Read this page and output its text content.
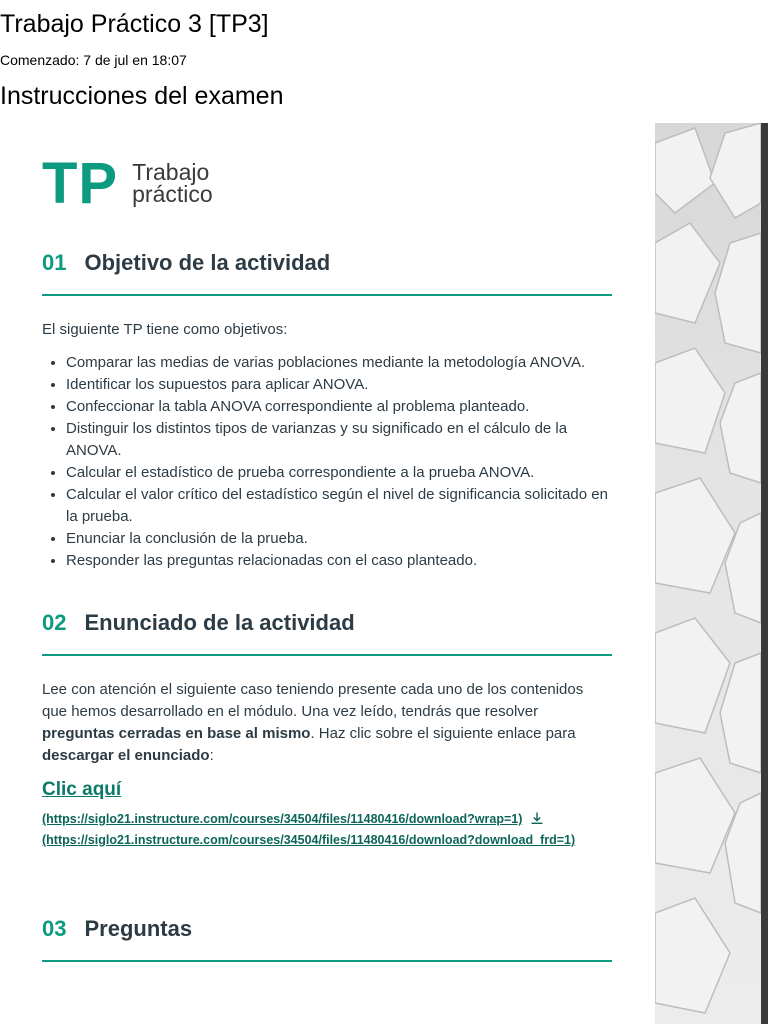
Trabajo Práctico 3 [TP3]
Comenzado: 7 de jul en 18:07
Instrucciones del examen
TP Trabajo
práctico
01 Objetivo de la actividad
El siguiente TP tiene como objetivos:
• Comparar las medias de varias poblaciones mediante la metodología ANOVA.
• Identificar los supuestos para aplicar ANOVA.
• Confeccionar la tabla ANOVA correspondiente al problema planteado.
• Distinguir los distintos tipos de varianzas y su significado en el cálculo de la ANOVA.
• Calcular el estadístico de prueba correspondiente a la prueba ANOVA.
• Calcular el valor crítico del estadístico según el nivel de significancia solicitado en la prueba.
• Enunciar la conclusión de la prueba.
• Responder las preguntas relacionadas con el caso planteado.
02 Enunciado de la actividad
Lee con atención el siguiente caso teniendo presente cada uno de los contenidos que hemos desarrollado en el módulo. Una vez leído, tendrás que resolver preguntas cerradas en base al mismo. Haz clic sobre el siguiente enlace para descargar el enunciado:
Clic aquí
(https://siglo21.instructure.com/courses/34504/files/11480416/download?wrap=1)
(https://siglo21.instructure.com/courses/34504/files/11480416/download?download_frd=1)
03 Preguntas
